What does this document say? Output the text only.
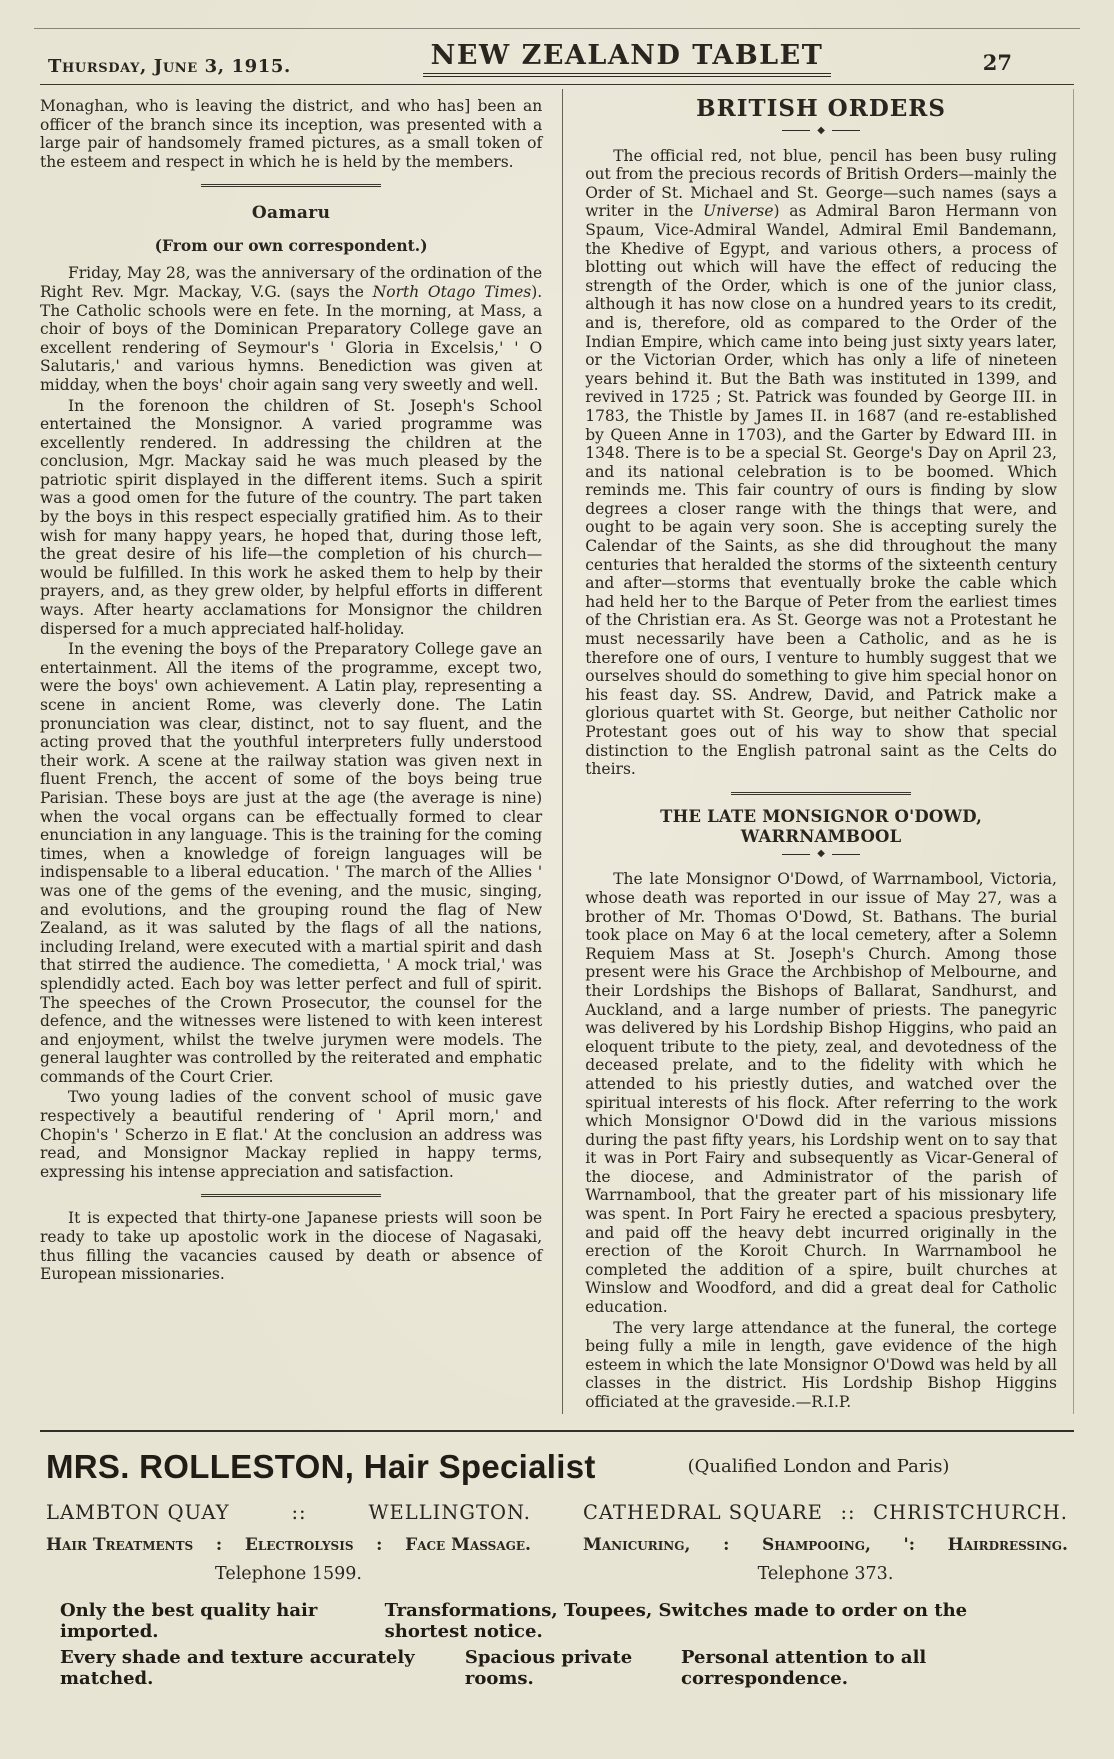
Thursday, June 3, 1915.	NEW ZEALAND TABLET	27

Monaghan, who is leaving the district, and who has] been an officer of the branch since its inception, was presented with a large pair of handsomely framed pictures, as a small token of the esteem and respect in which he is held by the members.

Oamaru
(From our own correspondent.)

Friday, May 28, was the anniversary of the ordination of the Right Rev. Mgr. Mackay, V.G. (says the North Otago Times). The Catholic schools were en fete. In the morning, at Mass, a choir of boys of the Dominican Preparatory College gave an excellent rendering of Seymour's ' Gloria in Excelsis,' ' O Salutaris,' and various hymns. Benediction was given at midday, when the boys' choir again sang very sweetly and well.

In the forenoon the children of St. Joseph's School entertained the Monsignor. A varied programme was excellently rendered. In addressing the children at the conclusion, Mgr. Mackay said he was much pleased by the patriotic spirit displayed in the different items. Such a spirit was a good omen for the future of the country. The part taken by the boys in this respect especially gratified him. As to their wish for many happy years, he hoped that, during those left, the great desire of his life—the completion of his church—would be fulfilled. In this work he asked them to help by their prayers, and, as they grew older, by helpful efforts in different ways. After hearty acclamations for Monsignor the children dispersed for a much appreciated half-holiday.

In the evening the boys of the Preparatory College gave an entertainment. All the items of the programme, except two, were the boys' own achievement. A Latin play, representing a scene in ancient Rome, was cleverly done. The Latin pronunciation was clear, distinct, not to say fluent, and the acting proved that the youthful interpreters fully understood their work. A scene at the railway station was given next in fluent French, the accent of some of the boys being true Parisian. These boys are just at the age (the average is nine) when the vocal organs can be effectually formed to clear enunciation in any language. This is the training for the coming times, when a knowledge of foreign languages will be indispensable to a liberal education. ' The march of the Allies ' was one of the gems of the evening, and the music, singing, and evolutions, and the grouping round the flag of New Zealand, as it was saluted by the flags of all the nations, including Ireland, were executed with a martial spirit and dash that stirred the audience. The comedietta, ' A mock trial,' was splendidly acted. Each boy was letter perfect and full of spirit. The speeches of the Crown Prosecutor, the counsel for the defence, and the witnesses were listened to with keen interest and enjoyment, whilst the twelve jurymen were models. The general laughter was controlled by the reiterated and emphatic commands of the Court Crier.

Two young ladies of the convent school of music gave respectively a beautiful rendering of ' April morn,' and Chopin's ' Scherzo in E flat.' At the conclusion an address was read, and Monsignor Mackay replied in happy terms, expressing his intense appreciation and satisfaction.

It is expected that thirty-one Japanese priests will soon be ready to take up apostolic work in the diocese of Nagasaki, thus filling the vacancies caused by death or absence of European missionaries.

BRITISH ORDERS
◆

The official red, not blue, pencil has been busy ruling out from the precious records of British Orders—mainly the Order of St. Michael and St. George—such names (says a writer in the Universe) as Admiral Baron Hermann von Spaum, Vice-Admiral Wandel, Admiral Emil Bandemann, the Khedive of Egypt, and various others, a process of blotting out which will have the effect of reducing the strength of the Order, which is one of the junior class, although it has now close on a hundred years to its credit, and is, therefore, old as compared to the Order of the Indian Empire, which came into being just sixty years later, or the Victorian Order, which has only a life of nineteen years behind it. But the Bath was instituted in 1399, and revived in 1725 ; St. Patrick was founded by George III. in 1783, the Thistle by James II. in 1687 (and re-established by Queen Anne in 1703), and the Garter by Edward III. in 1348. There is to be a special St. George's Day on April 23, and its national celebration is to be boomed. Which reminds me. This fair country of ours is finding by slow degrees a closer range with the things that were, and ought to be again very soon. She is accepting surely the Calendar of the Saints, as she did throughout the many centuries that heralded the storms of the sixteenth century and after—storms that eventually broke the cable which had held her to the Barque of Peter from the earliest times of the Christian era. As St. George was not a Protestant he must necessarily have been a Catholic, and as he is therefore one of ours, I venture to humbly suggest that we ourselves should do something to give him special honor on his feast day. SS. Andrew, David, and Patrick make a glorious quartet with St. George, but neither Catholic nor Protestant goes out of his way to show that special distinction to the English patronal saint as the Celts do theirs.

THE LATE MONSIGNOR O'DOWD, WARRNAMBOOL
◆

The late Monsignor O'Dowd, of Warrnambool, Victoria, whose death was reported in our issue of May 27, was a brother of Mr. Thomas O'Dowd, St. Bathans. The burial took place on May 6 at the local cemetery, after a Solemn Requiem Mass at St. Joseph's Church. Among those present were his Grace the Archbishop of Melbourne, and their Lordships the Bishops of Ballarat, Sandhurst, and Auckland, and a large number of priests. The panegyric was delivered by his Lordship Bishop Higgins, who paid an eloquent tribute to the piety, zeal, and devotedness of the deceased prelate, and to the fidelity with which he attended to his priestly duties, and watched over the spiritual interests of his flock. After referring to the work which Monsignor O'Dowd did in the various missions during the past fifty years, his Lordship went on to say that it was in Port Fairy and subsequently as Vicar-General of the diocese, and Administrator of the parish of Warrnambool, that the greater part of his missionary life was spent. In Port Fairy he erected a spacious presbytery, and paid off the heavy debt incurred originally in the erection of the Koroit Church. In Warrnambool he completed the addition of a spire, built churches at Winslow and Woodford, and did a great deal for Catholic education.

The very large attendance at the funeral, the cortege being fully a mile in length, gave evidence of the high esteem in which the late Monsignor O'Dowd was held by all classes in the district. His Lordship Bishop Higgins officiated at the graveside.—R.I.P.

MRS. ROLLESTON, Hair Specialist	(Qualified London and Paris)
LAMBTON QUAY	::	WELLINGTON.
Hair Treatments : Electrolysis : Face Massage.
Telephone 1599.
CATHEDRAL SQUARE :: CHRISTCHURCH.
Manicuring, : Shampooing, ': Hairdressing.
Telephone 373.
Only the best quality hair imported.
Transformations, Toupees, Switches made to order on the shortest notice.
Every shade and texture accurately matched.
Spacious private rooms.
Personal attention to all correspondence.
